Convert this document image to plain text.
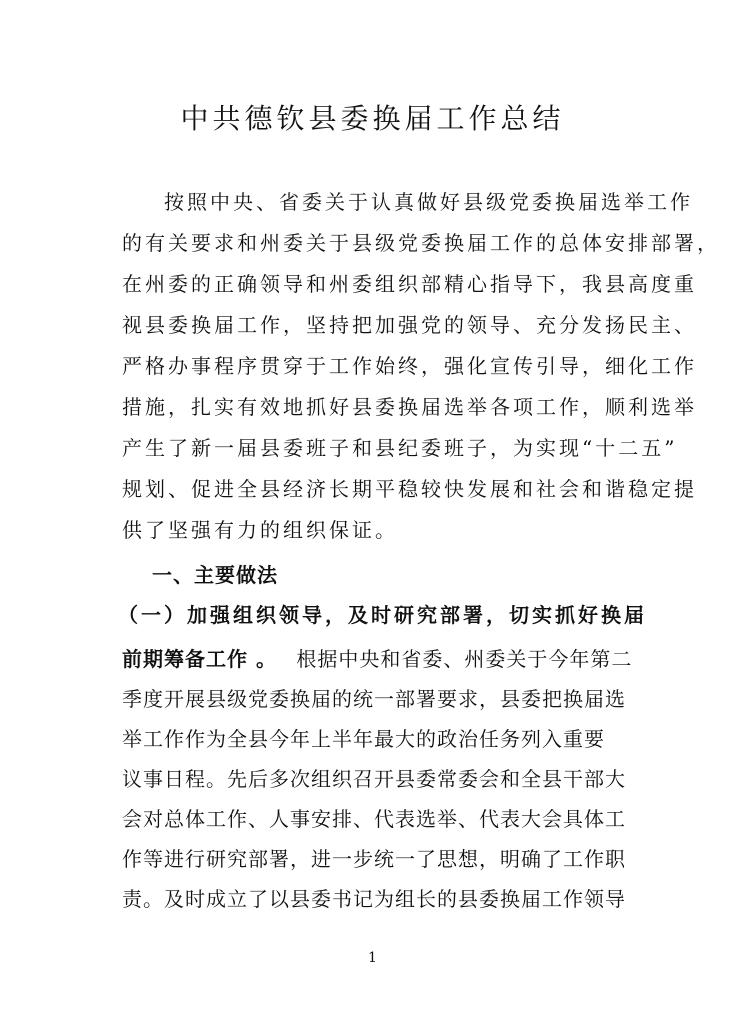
中共德钦县委换届工作总结
按照中央、省委关于认真做好县级党委换届选举工作
的有关要求和州委关于县级党委换届工作的总体安排部署，
在州委的正确领导和州委组织部精心指导下，我县高度重
视县委换届工作，坚持把加强党的领导、充分发扬民主、
严格办事程序贯穿于工作始终，强化宣传引导，细化工作
措施，扎实有效地抓好县委换届选举各项工作，顺利选举
产生了新一届县委班子和县纪委班子，为实现“十二五”
规划、促进全县经济长期平稳较快发展和社会和谐稳定提
供了坚强有力的组织保证。
一、主要做法
（一）加强组织领导，及时研究部署，切实抓好换届
前期筹备工作 。 根据中央和省委、州委关于今年第二
季度开展县级党委换届的统一部署要求，县委把换届选
举工作作为全县今年上半年最大的政治任务列入重要
议事日程。先后多次组织召开县委常委会和全县干部大
会对总体工作、人事安排、代表选举、代表大会具体工
作等进行研究部署，进一步统一了思想，明确了工作职
责。及时成立了以县委书记为组长的县委换届工作领导
1
